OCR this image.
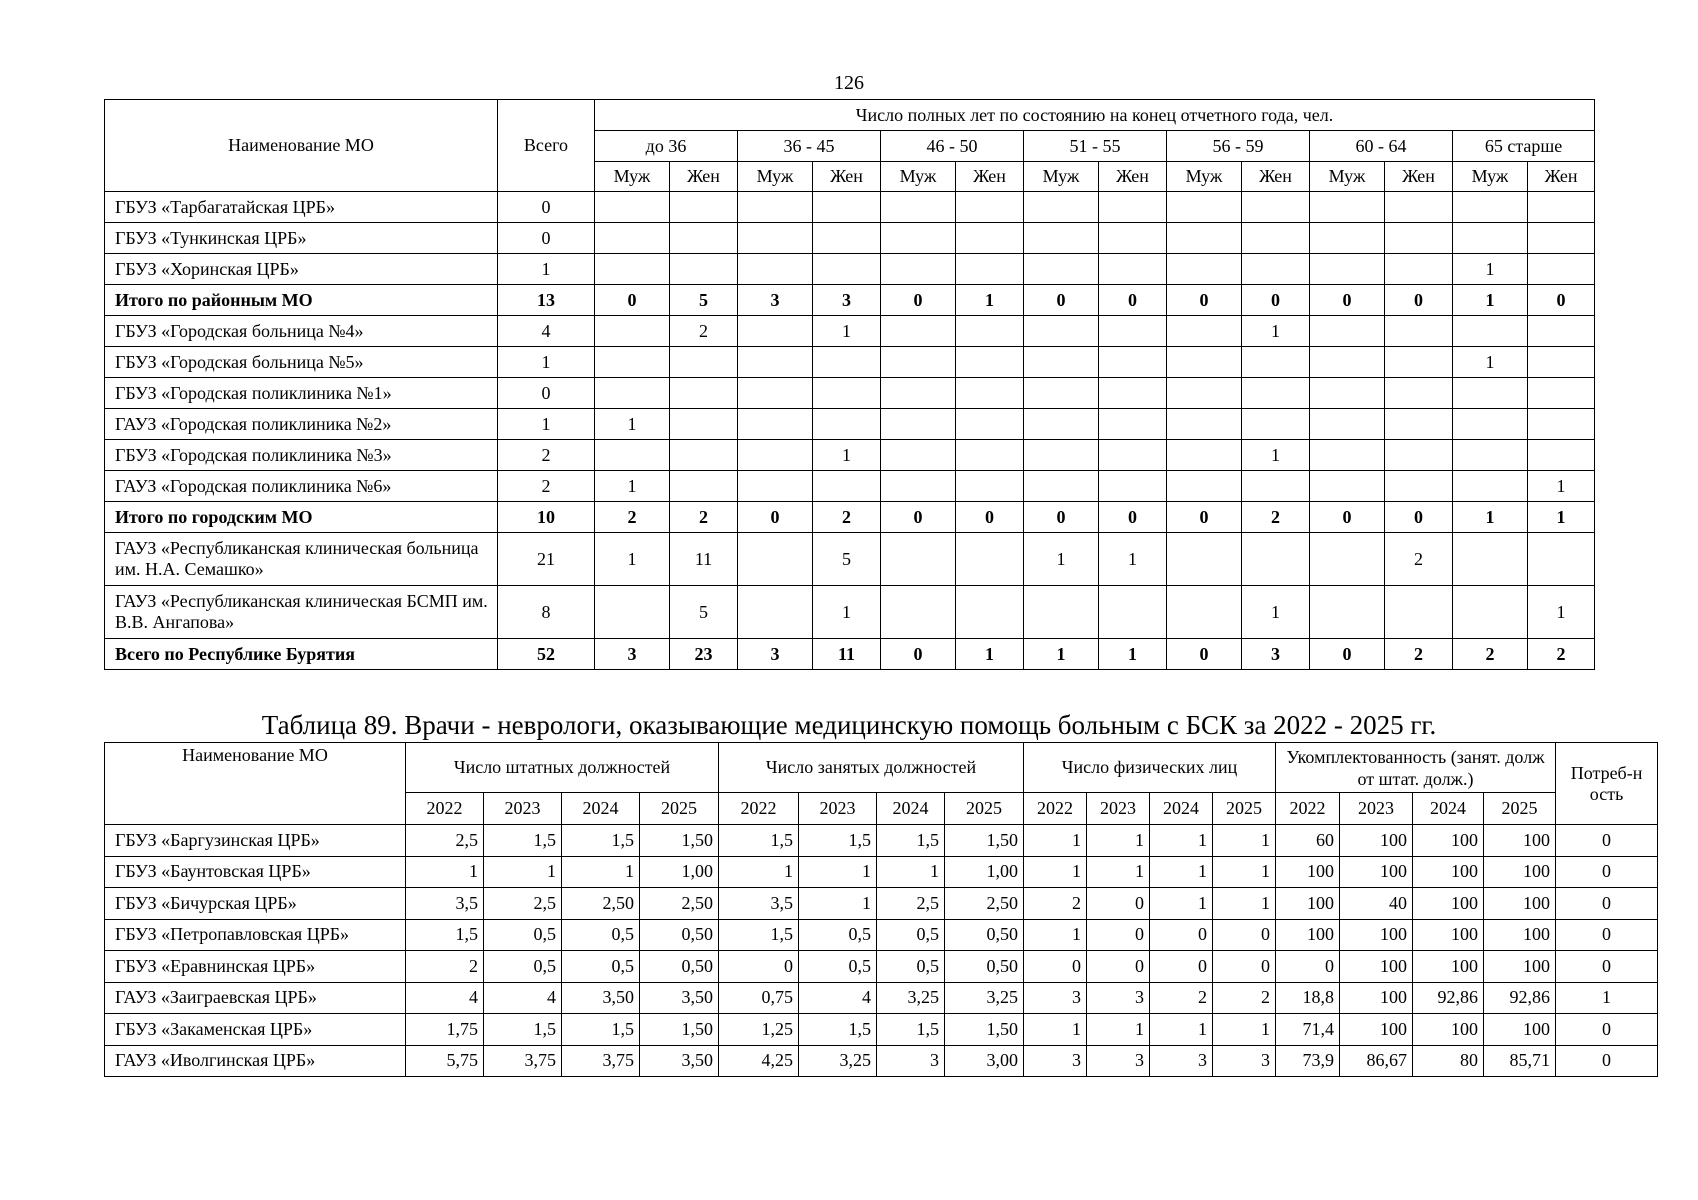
126
Наименование МО	Всего	Число полных лет по состоянию на конец отчетного года, чел.													
		до 36		36 - 45		46 - 50		51 - 55		56 - 59		60 - 64		65 старше	
		Муж	Жен	Муж	Жен	Муж	Жен	Муж	Жен	Муж	Жен	Муж	Жен	Муж	Жен
ГБУЗ «Тарбагатайская ЦРБ»	0														
ГБУЗ «Тункинская ЦРБ»	0														
ГБУЗ «Хоринская ЦРБ»	1													1	
Итого по районным МО	13	0	5	3	3	0	1	0	0	0	0	0	0	1	0
ГБУЗ «Городская больница №4»	4		2		1						1				
ГБУЗ «Городская больница №5»	1													1	
ГБУЗ «Городская поликлиника №1»	0														
ГАУЗ «Городская поликлиника №2»	1	1													
ГБУЗ «Городская поликлиника №3»	2				1						1				
ГАУЗ «Городская поликлиника №6»	2	1													1
Итого по городским МО	10	2	2	0	2	0	0	0	0	0	2	0	0	1	1
ГАУЗ «Республиканская клиническая больница им. Н.А. Семашко»	21	1	11		5			1	1				2		
ГАУЗ «Республиканская клиническая БСМП им. В.В. Ангапова»	8		5		1						1				1
Всего по Республике Бурятия	52	3	23	3	11	0	1	1	1	0	3	0	2	2	2
Таблица 89. Врачи - неврологи, оказывающие медицинскую помощь больным с БСК за 2022 - 2025 гг.
Наименование МО	Число штатных должностей				Число занятых должностей				Число физических лиц				Укомплектованность (занят. долж от штат. долж.)				Потреб-ность
	2022	2023	2024	2025	2022	2023	2024	2025	2022	2023	2024	2025	2022	2023	2024	2025	
ГБУЗ «Баргузинская ЦРБ»	2,5	1,5	1,5	1,50	1,5	1,5	1,5	1,50	1	1	1	1	60	100	100	100	0
ГБУЗ «Баунтовская ЦРБ»	1	1	1	1,00	1	1	1	1,00	1	1	1	1	100	100	100	100	0
ГБУЗ «Бичурская ЦРБ»	3,5	2,5	2,50	2,50	3,5	1	2,5	2,50	2	0	1	1	100	40	100	100	0
ГБУЗ «Петропавловская ЦРБ»	1,5	0,5	0,5	0,50	1,5	0,5	0,5	0,50	1	0	0	0	100	100	100	100	0
ГБУЗ «Еравнинская ЦРБ»	2	0,5	0,5	0,50	0	0,5	0,5	0,50	0	0	0	0	0	100	100	100	0
ГАУЗ «Заиграевская ЦРБ»	4	4	3,50	3,50	0,75	4	3,25	3,25	3	3	2	2	18,8	100	92,86	92,86	1
ГБУЗ «Закаменская ЦРБ»	1,75	1,5	1,5	1,50	1,25	1,5	1,5	1,50	1	1	1	1	71,4	100	100	100	0
ГАУЗ «Иволгинская ЦРБ»	5,75	3,75	3,75	3,50	4,25	3,25	3	3,00	3	3	3	3	73,9	86,67	80	85,71	0
